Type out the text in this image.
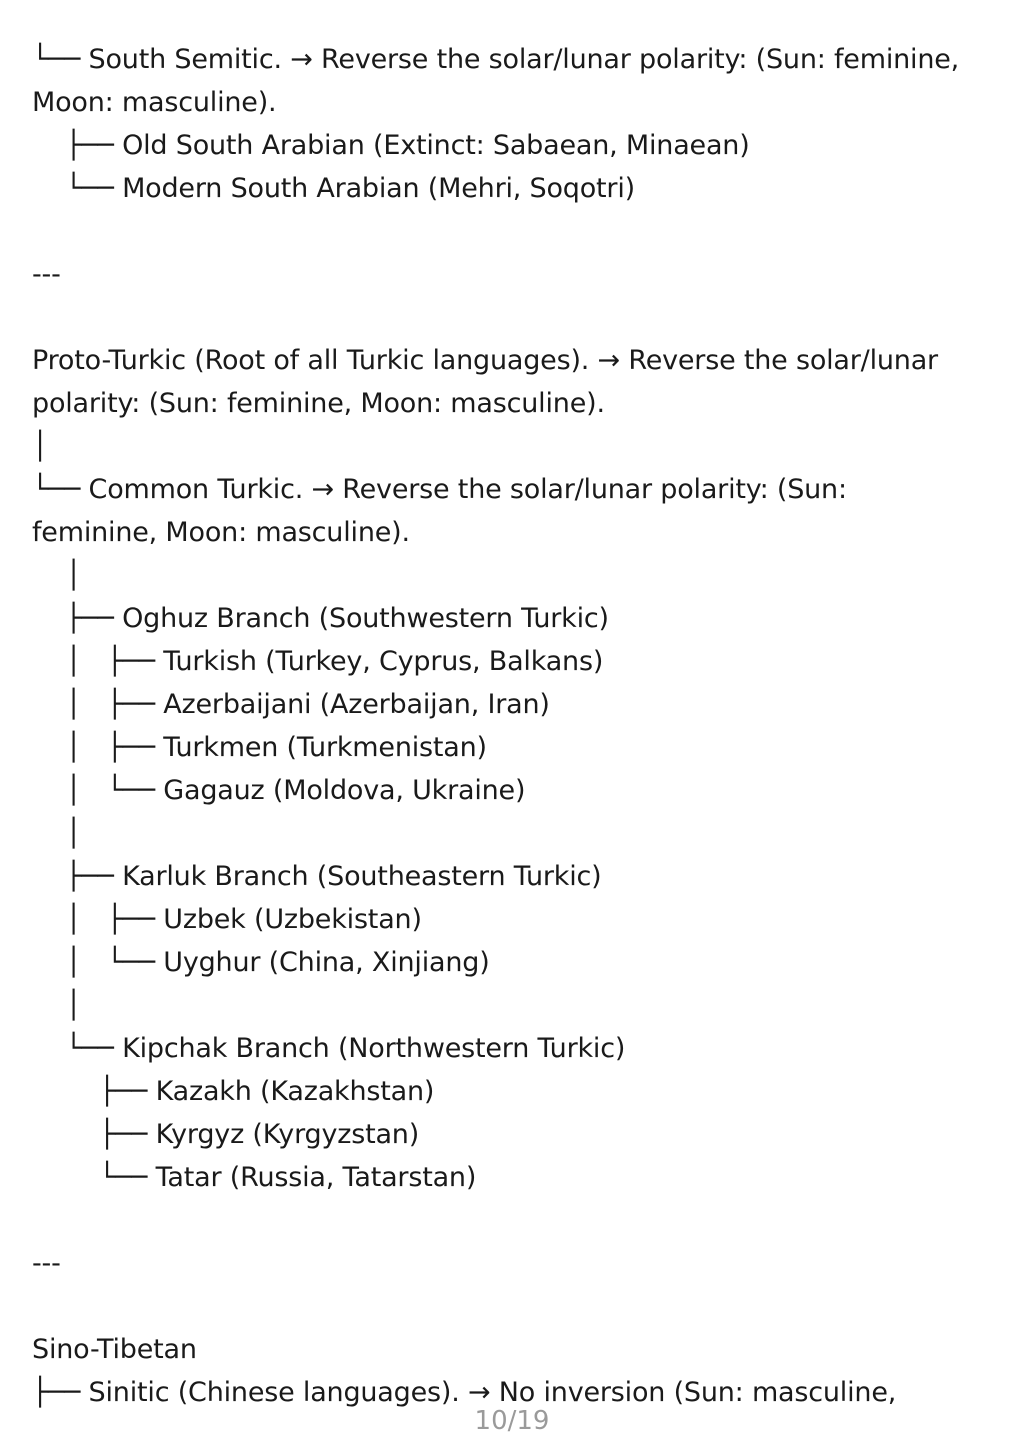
└── South Semitic. → Reverse the solar/lunar polarity: (Sun: feminine,
Moon: masculine).
├── Old South Arabian (Extinct: Sabaean, Minaean)
└── Modern South Arabian (Mehri, Soqotri)
---
Proto-Turkic (Root of all Turkic languages). → Reverse the solar/lunar
polarity: (Sun: feminine, Moon: masculine).
│
└── Common Turkic. → Reverse the solar/lunar polarity: (Sun:
feminine, Moon: masculine).
│
├── Oghuz Branch (Southwestern Turkic)
│   ├── Turkish (Turkey, Cyprus, Balkans)
│   ├── Azerbaijani (Azerbaijan, Iran)
│   ├── Turkmen (Turkmenistan)
│   └── Gagauz (Moldova, Ukraine)
│
├── Karluk Branch (Southeastern Turkic)
│   ├── Uzbek (Uzbekistan)
│   └── Uyghur (China, Xinjiang)
│
└── Kipchak Branch (Northwestern Turkic)
├── Kazakh (Kazakhstan)
├── Kyrgyz (Kyrgyzstan)
└── Tatar (Russia, Tatarstan)
---
Sino-Tibetan
├── Sinitic (Chinese languages). → No inversion (Sun: masculine,
10/19
